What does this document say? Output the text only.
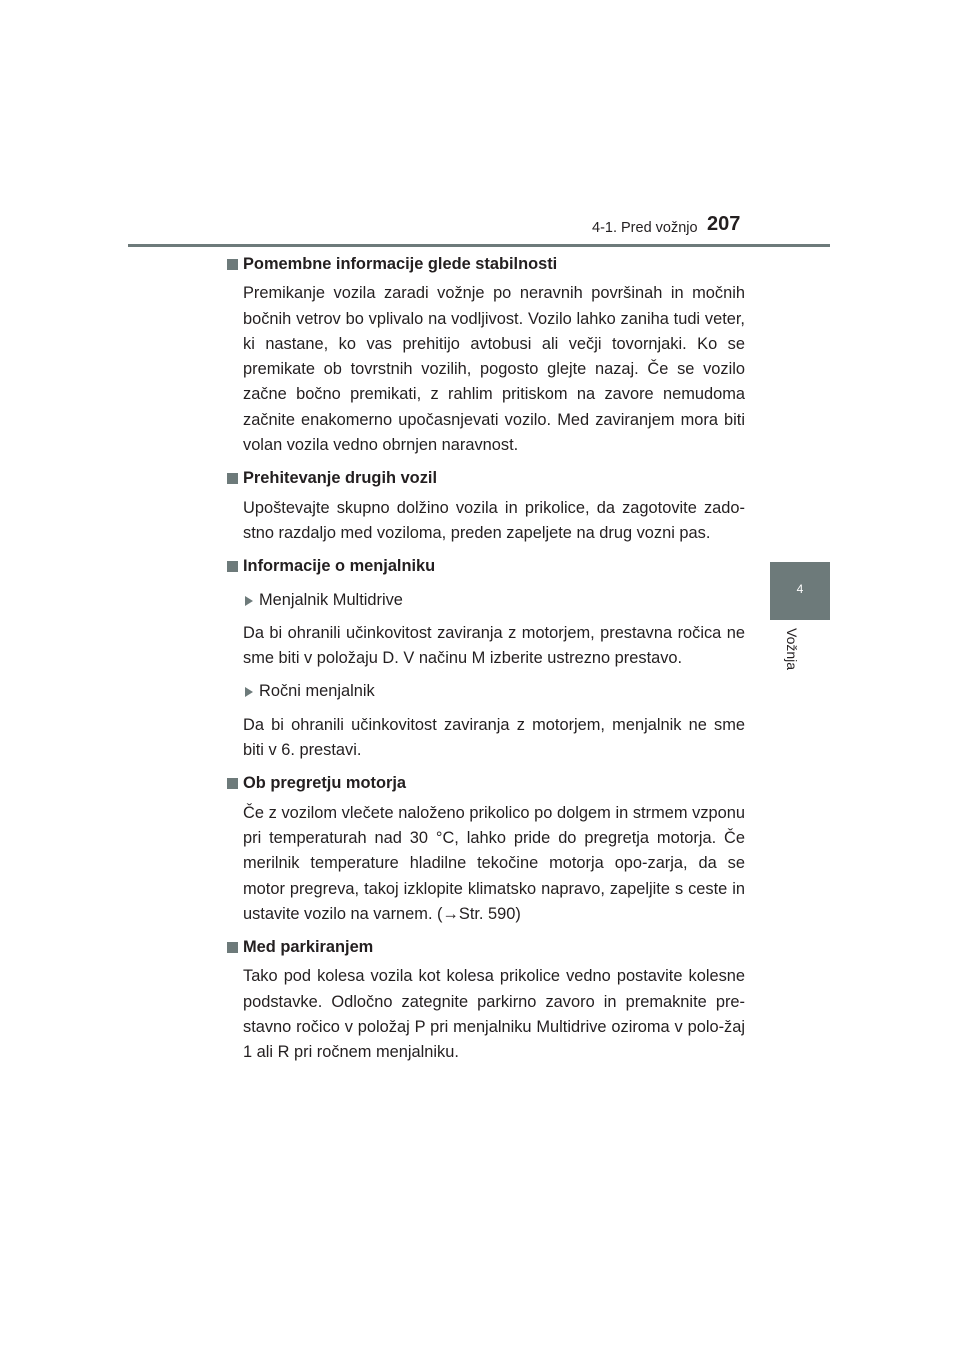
4-1. Pred vožnjo 207
4
Vožnja
Pomembne informacije glede stabilnosti
Premikanje vozila zaradi vožnje po neravnih površinah in močnih bočnih vetrov bo vplivalo na vodljivost. Vozilo lahko zaniha tudi veter, ki nastane, ko vas prehitijo avtobusi ali večji tovornjaki. Ko se premikate ob tovrstnih vozilih, pogosto glejte nazaj. Če se vozilo začne bočno premikati, z rahlim pritiskom na zavore nemudoma začnite enakomerno upočasnjevati vozilo. Med zaviranjem mora biti volan vozila vedno obrnjen naravnost.
Prehitevanje drugih vozil
Upoštevajte skupno dolžino vozila in prikolice, da zagotovite zado-stno razdaljo med voziloma, preden zapeljete na drug vozni pas.
Informacije o menjalniku
Menjalnik Multidrive
Da bi ohranili učinkovitost zaviranja z motorjem, prestavna ročica ne sme biti v položaju D. V načinu M izberite ustrezno prestavo.
Ročni menjalnik
Da bi ohranili učinkovitost zaviranja z motorjem, menjalnik ne sme biti v 6. prestavi.
Ob pregretju motorja
Če z vozilom vlečete naloženo prikolico po dolgem in strmem vzponu pri temperaturah nad 30 °C, lahko pride do pregretja motorja. Če merilnik temperature hladilne tekočine motorja opo-zarja, da se motor pregreva, takoj izklopite klimatsko napravo, zapeljite s ceste in ustavite vozilo na varnem. (→Str. 590)
Med parkiranjem
Tako pod kolesa vozila kot kolesa prikolice vedno postavite kolesne podstavke. Odločno zategnite parkirno zavoro in premaknite pre-stavno ročico v položaj P pri menjalniku Multidrive oziroma v polo-žaj 1 ali R pri ročnem menjalniku.
